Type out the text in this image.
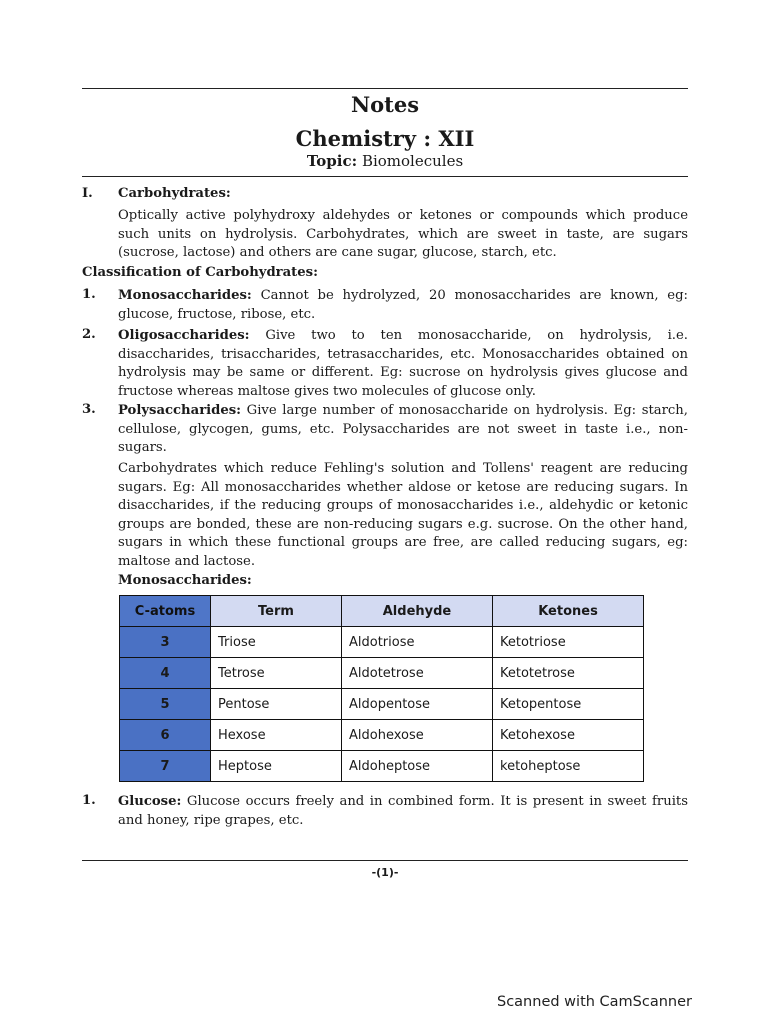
Notes
Chemistry : XII
Topic: Biomolecules
I. Carbohydrates:
Optically active polyhydroxy aldehydes or ketones or compounds which produce such units on hydrolysis. Carbohydrates, which are sweet in taste, are sugars (sucrose, lactose) and others are cane sugar, glucose, starch, etc.
Classification of Carbohydrates:
1. Monosaccharides: Cannot be hydrolyzed, 20 monosaccharides are known, eg: glucose, fructose, ribose, etc.
2. Oligosaccharides: Give two to ten monosaccharide, on hydrolysis, i.e. disaccharides, trisaccharides, tetrasaccharides, etc. Monosaccharides obtained on hydrolysis may be same or different. Eg: sucrose on hydrolysis gives glucose and fructose whereas maltose gives two molecules of glucose only.
3. Polysaccharides: Give large number of monosaccharide on hydrolysis. Eg: starch, cellulose, glycogen, gums, etc. Polysaccharides are not sweet in taste i.e., non-sugars.
Carbohydrates which reduce Fehling's solution and Tollens' reagent are reducing sugars. Eg: All monosaccharides whether aldose or ketose are reducing sugars. In disaccharides, if the reducing groups of monosaccharides i.e., aldehydic or ketonic groups are bonded, these are non-reducing sugars e.g. sucrose. On the other hand, sugars in which these functional groups are free, are called reducing sugars, eg: maltose and lactose.
Monosaccharides:
C-atoms	Term	Aldehyde	Ketones
3	Triose	Aldotriose	Ketotriose
4	Tetrose	Aldotetrose	Ketotetrose
5	Pentose	Aldopentose	Ketopentose
6	Hexose	Aldohexose	Ketohexose
7	Heptose	Aldoheptose	ketoheptose
1. Glucose: Glucose occurs freely and in combined form. It is present in sweet fruits and honey, ripe grapes, etc.
-(1)-
Scanned with CamScanner
